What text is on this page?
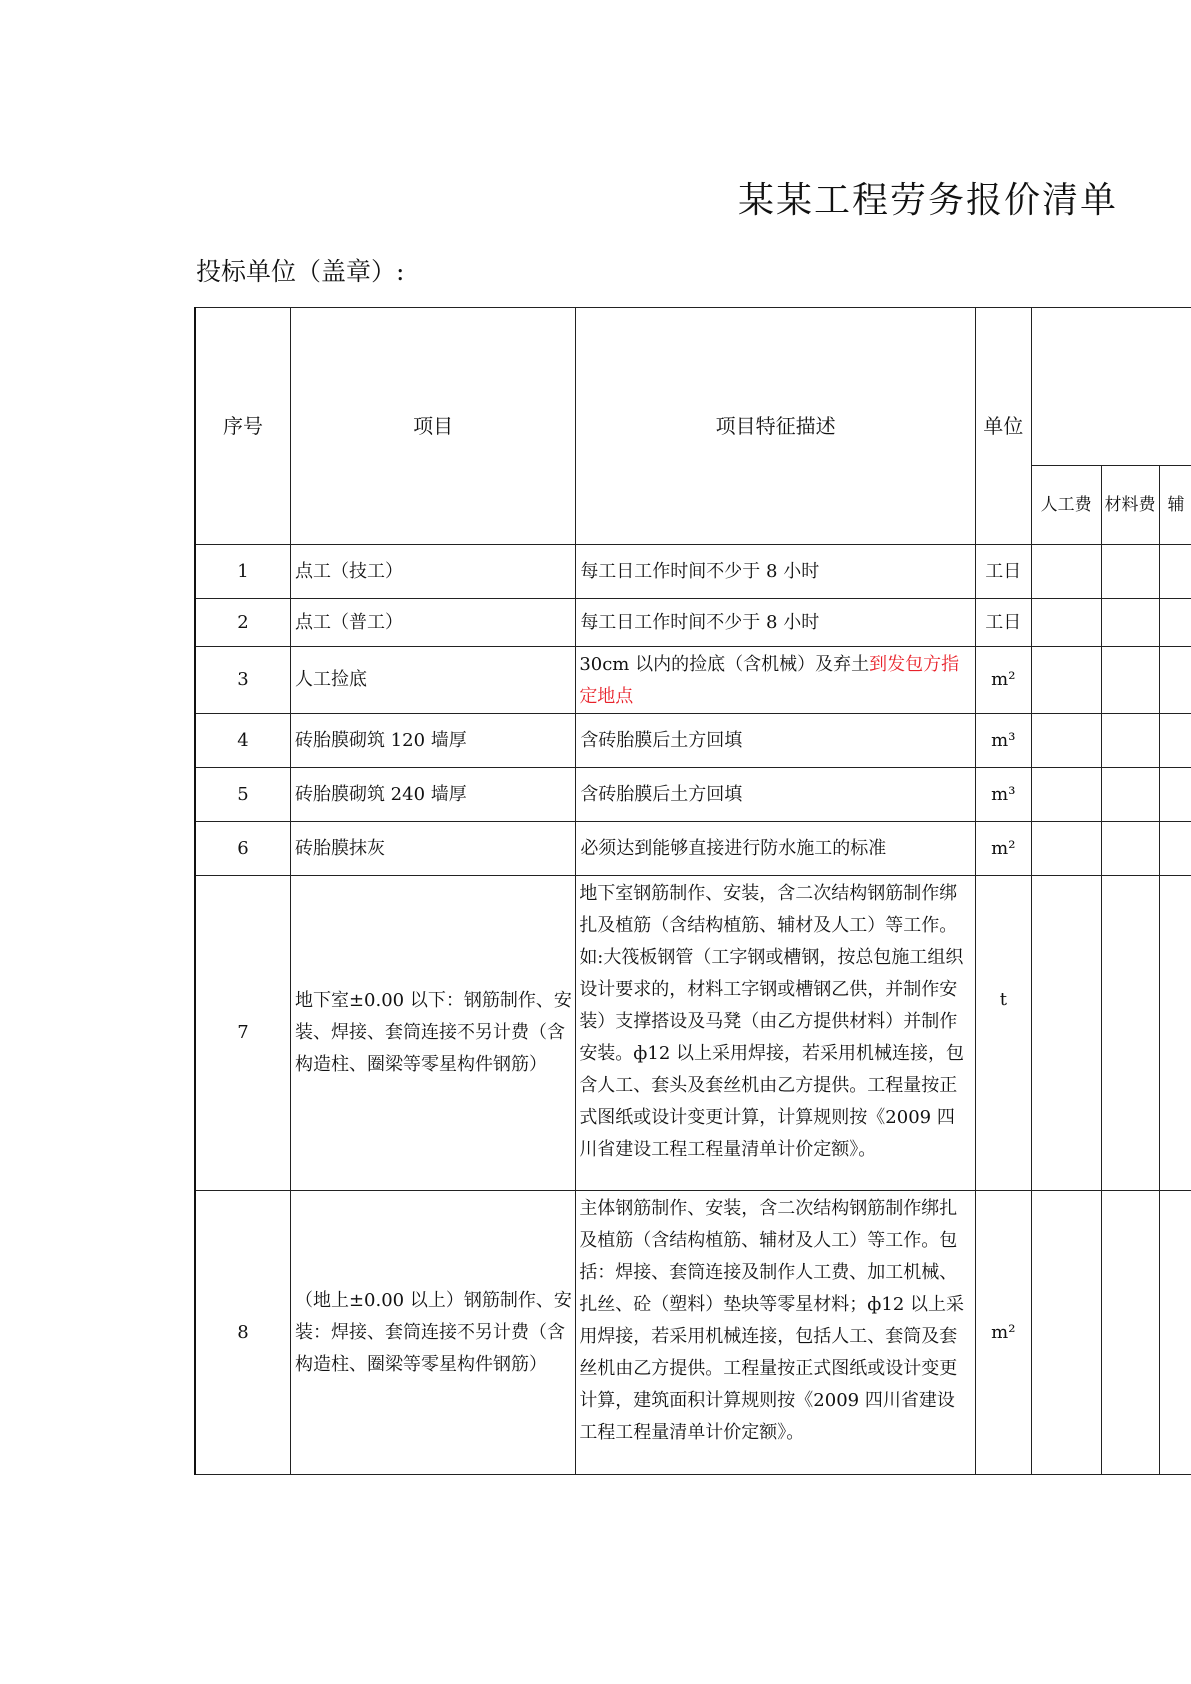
某某工程劳务报价清单
投标单位（盖章）:
序号	项目	项目特征描述	单位			
				人工费	材料费	辅
1	点工（技工）	每工日工作时间不少于 8 小时	工日			
2	点工（普工）	每工日工作时间不少于 8 小时	工日			
3	人工捡底	30cm 以内的捡底（含机械）及弃土到发包方指定地点	m²			
4	砖胎膜砌筑 120 墙厚	含砖胎膜后土方回填	m³			
5	砖胎膜砌筑 240 墙厚	含砖胎膜后土方回填	m³			
6	砖胎膜抹灰	必须达到能够直接进行防水施工的标准	m²			
7	地下室±0.00 以下：钢筋制作、安装、焊接、套筒连接不另计费（含构造柱、圈梁等零星构件钢筋）	地下室钢筋制作、安装，含二次结构钢筋制作绑扎及植筋（含结构植筋、辅材及人工）等工作。如:大筏板钢管（工字钢或槽钢，按总包施工组织设计要求的，材料工字钢或槽钢乙供，并制作安装）支撑搭设及马凳（由乙方提供材料）并制作安装。ф12 以上采用焊接，若采用机械连接，包含人工、套头及套丝机由乙方提供。工程量按正式图纸或设计变更计算，计算规则按《2009 四川省建设工程工程量清单计价定额》。	t			
8	（地上±0.00 以上）钢筋制作、安装：焊接、套筒连接不另计费（含构造柱、圈梁等零星构件钢筋）	主体钢筋制作、安装，含二次结构钢筋制作绑扎及植筋（含结构植筋、辅材及人工）等工作。包括：焊接、套筒连接及制作人工费、加工机械、扎丝、砼（塑料）垫块等零星材料；ф12 以上采用焊接，若采用机械连接，包括人工、套筒及套丝机由乙方提供。工程量按正式图纸或设计变更计算，建筑面积计算规则按《2009 四川省建设工程工程量清单计价定额》。	m²			
